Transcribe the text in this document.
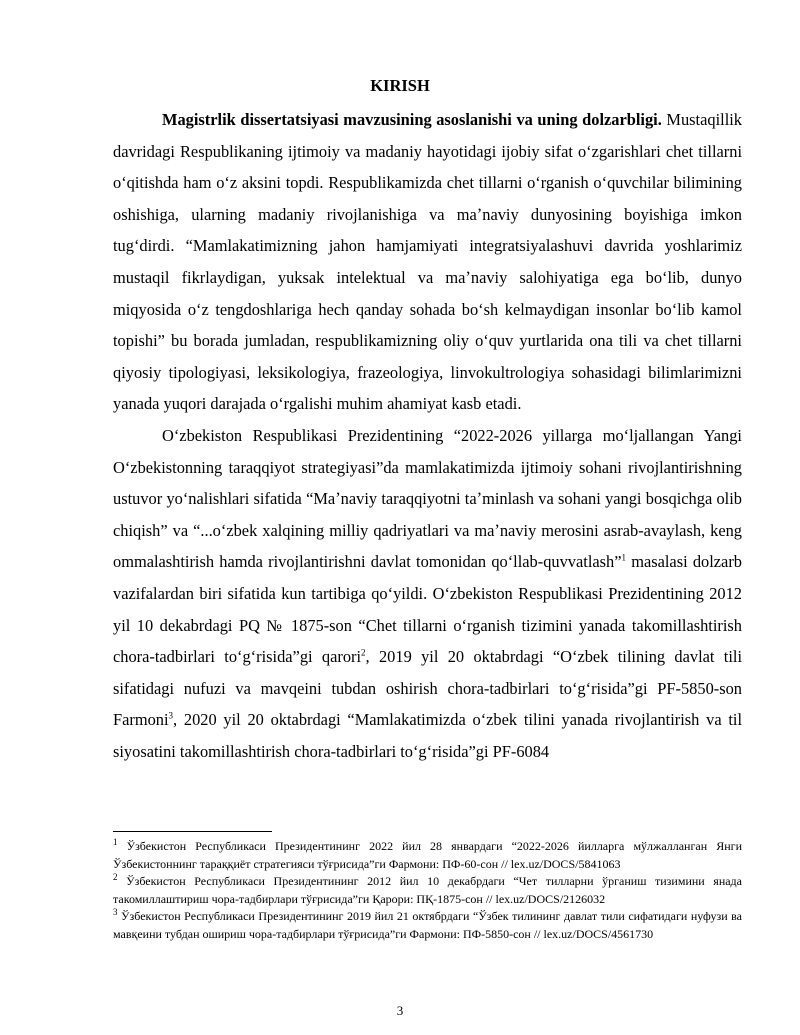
KIRISH

Magistrlik dissertatsiyasi mavzusining asoslanishi va uning dolzarbligi. Mustaqillik davridagi Respublikaning ijtimoiy va madaniy hayotidagi ijobiy sifat oʻzgarishlari chet tillarni oʻqitishda ham oʻz aksini topdi. Respublikamizda chet tillarni oʻrganish oʻquvchilar bilimining oshishiga, ularning madaniy rivojlanishiga va maʼnaviy dunyosining boyishiga imkon tugʻdirdi. “Mamlakatimizning jahon hamjamiyati integratsiyalashuvi davrida yoshlarimiz mustaqil fikrlaydigan, yuksak intelektual va maʼnaviy salohiyatiga ega boʻlib, dunyo miqyosida oʻz tengdoshlariga hech qanday sohada boʻsh kelmaydigan insonlar boʻlib kamol topishi” bu borada jumladan, respublikamizning oliy oʻquv yurtlarida ona tili va chet tillarni qiyosiy tipologiyasi, leksikologiya, frazeologiya, linvokultrologiya sohasidagi bilimlarimizni yanada yuqori darajada oʻrgalishi muhim ahamiyat kasb etadi.

Oʻzbekiston Respublikasi Prezidentining “2022-2026 yillarga moʻljallangan Yangi Oʻzbekistonning taraqqiyot strategiyasi”da mamlakatimizda ijtimoiy sohani rivojlantirishning ustuvor yoʻnalishlari sifatida “Maʼnaviy taraqqiyotni taʼminlash va sohani yangi bosqichga olib chiqish” va “...oʻzbek xalqining milliy qadriyatlari va maʼnaviy merosini asrab-avaylash, keng ommalashtirish hamda rivojlantirishni davlat tomonidan qoʻllab-quvvatlash”$^1$ masalasi dolzarb vazifalardan biri sifatida kun tartibiga qoʻyildi. Oʻzbekiston Respublikasi Prezidentining 2012 yil 10 dekabrdagi PQ № 1875-son “Chet tillarni oʻrganish tizimini yanada takomillashtirish chora-tadbirlari toʻgʻrisida”gi qarori$^2$, 2019 yil 20 oktabrdagi “Oʻzbek tilining davlat tili sifatidagi nufuzi va mavqeini tubdan oshirish chora-tadbirlari toʻgʻrisida”gi PF-5850-son Farmoni$^3$, 2020 yil 20 oktabrdagi “Mamlakatimizda oʻzbek tilini yanada rivojlantirish va til siyosatini takomillashtirish chora-tadbirlari toʻgʻrisida”gi PF-6084

$^1$ Ўзбекистон Республикаси Президентининг 2022 йил 28 январдаги “2022-2026 йилларга мўлжалланган Янги Ўзбекистоннинг тараққиёт стратегияси тўғрисида”ги Фармони: ПФ-60-сон // lex.uz/DOCS/5841063

$^2$ Ўзбекистон Республикаси Президентининг 2012 йил 10 декабрдаги “Чет тилларни ўрганиш тизимини янада такомиллаштириш чора-тадбирлари тўғрисида”ги Қарори: ПҚ-1875-сон // lex.uz/DOCS/2126032

$^3$ Ўзбекистон Республикаси Президентининг 2019 йил 21 октябрдаги “Ўзбек тилининг давлат тили сифатидаги нуфузи ва мавқеини тубдан ошириш чора-тадбирлари тўғрисида”ги Фармони: ПФ-5850-сон // lex.uz/DOCS/4561730

3
